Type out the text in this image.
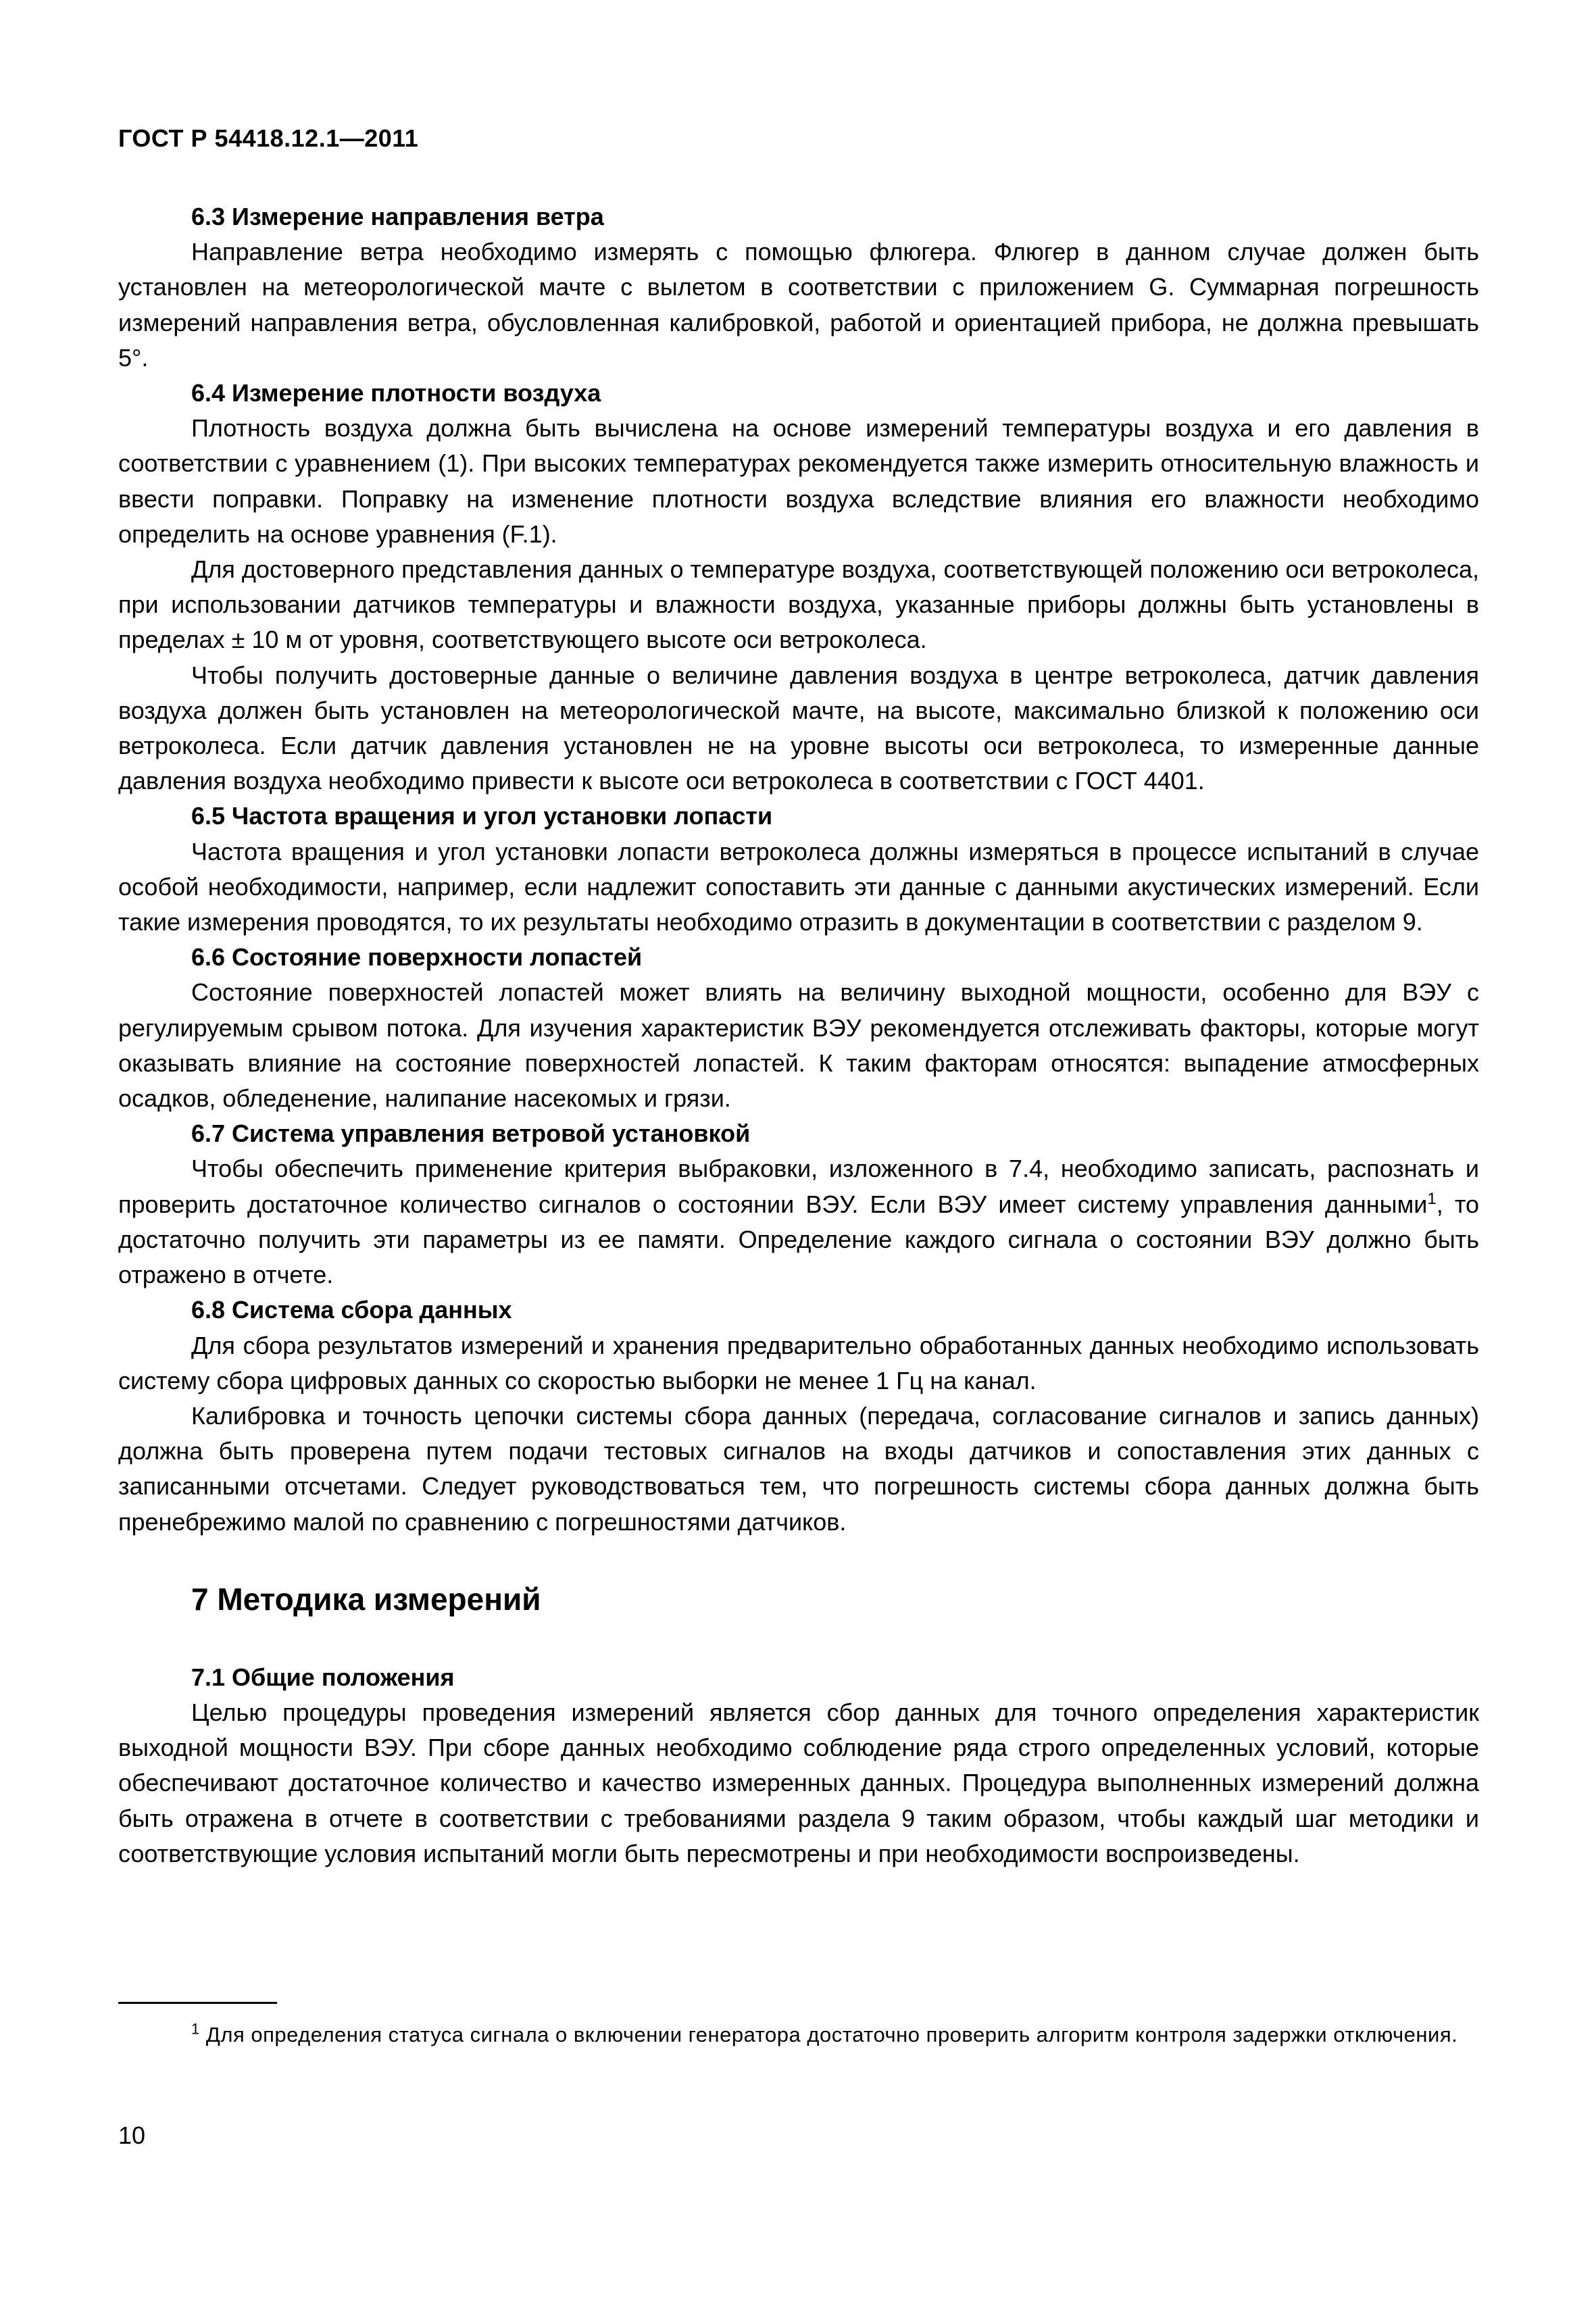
ГОСТ Р 54418.12.1—2011
6.3 Измерение направления ветра
Направление ветра необходимо измерять с помощью флюгера. Флюгер в данном случае должен быть установлен на метеорологической мачте с вылетом в соответствии с приложением G. Суммарная погрешность измерений направления ветра, обусловленная калибровкой, работой и ориентацией прибора, не должна превышать 5°.
6.4 Измерение плотности воздуха
Плотность воздуха должна быть вычислена на основе измерений температуры воздуха и его давления в соответствии с уравнением (1). При высоких температурах рекомендуется также измерить относительную влажность и ввести поправки. Поправку на изменение плотности воздуха вследствие влияния его влажности необходимо определить на основе уравнения (F.1).
Для достоверного представления данных о температуре воздуха, соответствующей положению оси ветроколеса, при использовании датчиков температуры и влажности воздуха, указанные приборы должны быть установлены в пределах ± 10 м от уровня, соответствующего высоте оси ветроколеса.
Чтобы получить достоверные данные о величине давления воздуха в центре ветроколеса, датчик давления воздуха должен быть установлен на метеорологической мачте, на высоте, максимально близкой к положению оси ветроколеса. Если датчик давления установлен не на уровне высоты оси ветроколеса, то измеренные данные давления воздуха необходимо привести к высоте оси ветроколеса в соответствии с ГОСТ 4401.
6.5 Частота вращения и угол установки лопасти
Частота вращения и угол установки лопасти ветроколеса должны измеряться в процессе испытаний в случае особой необходимости, например, если надлежит сопоставить эти данные с данными акустических измерений. Если такие измерения проводятся, то их результаты необходимо отразить в документации в соответствии с разделом 9.
6.6 Состояние поверхности лопастей
Состояние поверхностей лопастей может влиять на величину выходной мощности, особенно для ВЭУ с регулируемым срывом потока. Для изучения характеристик ВЭУ рекомендуется отслеживать факторы, которые могут оказывать влияние на состояние поверхностей лопастей. К таким факторам относятся: выпадение атмосферных осадков, обледенение, налипание насекомых и грязи.
6.7 Система управления ветровой установкой
Чтобы обеспечить применение критерия выбраковки, изложенного в 7.4, необходимо записать, распознать и проверить достаточное количество сигналов о состоянии ВЭУ. Если ВЭУ имеет систему управления данными$^1$, то достаточно получить эти параметры из ее памяти. Определение каждого сигнала о состоянии ВЭУ должно быть отражено в отчете.
6.8 Система сбора данных
Для сбора результатов измерений и хранения предварительно обработанных данных необходимо использовать систему сбора цифровых данных со скоростью выборки не менее 1 Гц на канал.
Калибровка и точность цепочки системы сбора данных (передача, согласование сигналов и запись данных) должна быть проверена путем подачи тестовых сигналов на входы датчиков и сопоставления этих данных с записанными отсчетами. Следует руководствоваться тем, что погрешность системы сбора данных должна быть пренебрежимо малой по сравнению с погрешностями датчиков.
7 Методика измерений
7.1 Общие положения
Целью процедуры проведения измерений является сбор данных для точного определения характеристик выходной мощности ВЭУ. При сборе данных необходимо соблюдение ряда строго определенных условий, которые обеспечивают достаточное количество и качество измеренных данных. Процедура выполненных измерений должна быть отражена в отчете в соответствии с требованиями раздела 9 таким образом, чтобы каждый шаг методики и соответствующие условия испытаний могли быть пересмотрены и при необходимости воспроизведены.
$^1$ Для определения статуса сигнала о включении генератора достаточно проверить алгоритм контроля задержки отключения.
10
